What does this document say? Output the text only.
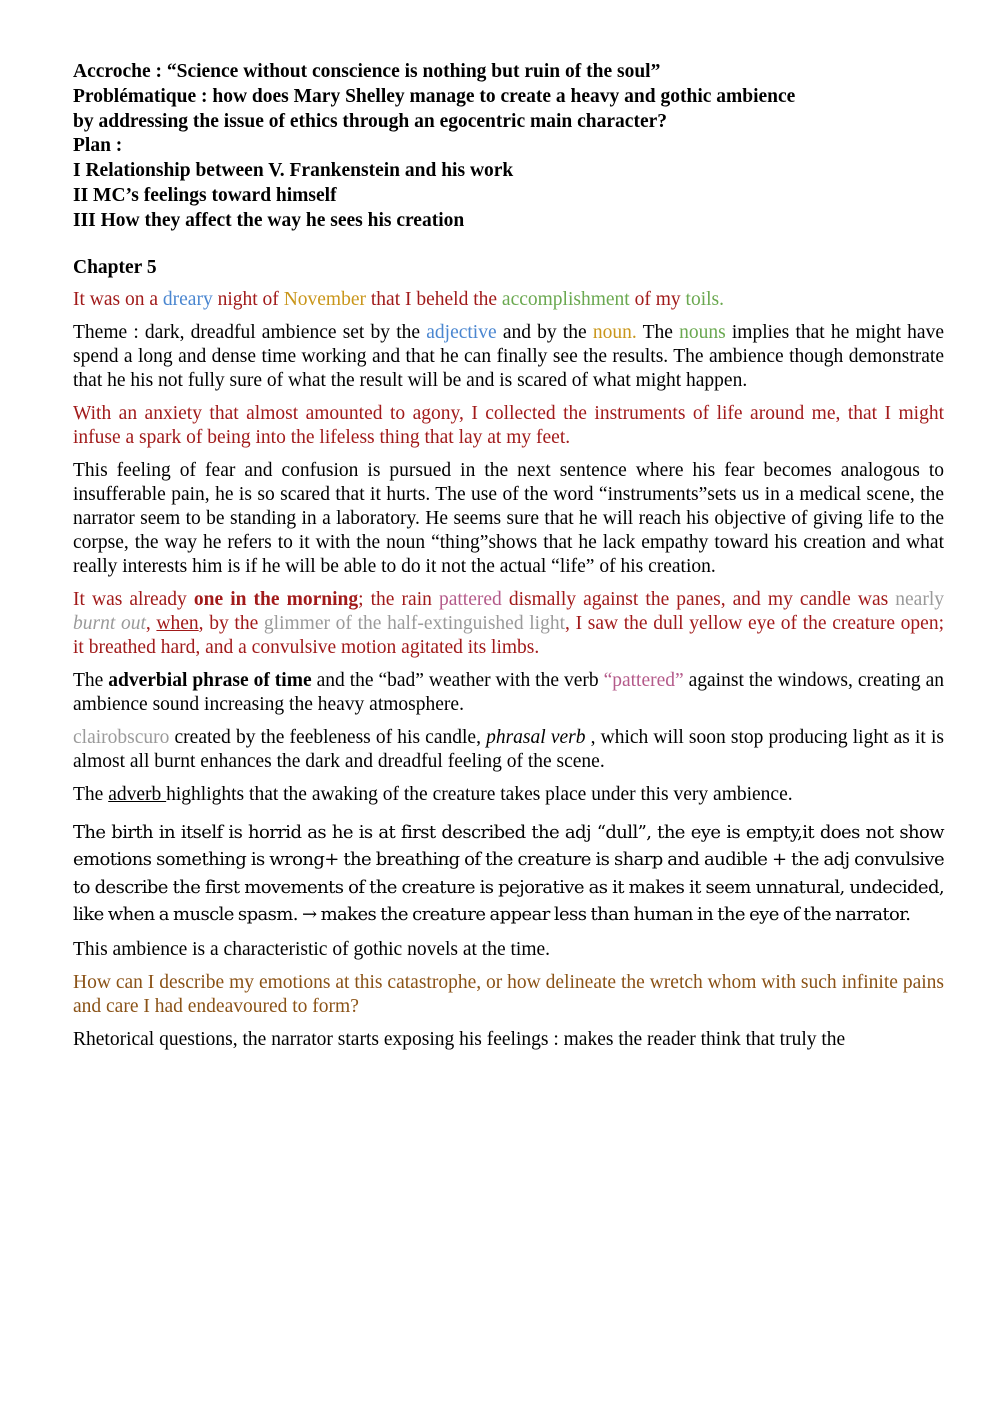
Accroche : “Science without conscience is nothing but ruin of the soul”

Problématique : how does Mary Shelley manage to create a heavy and gothic ambience

by addressing the issue of ethics through an egocentric main character?

Plan :

I Relationship between V. Frankenstein and his work

II MC’s feelings toward himself

III How they affect the way he sees his creation

Chapter 5

It was on a dreary night of November that I beheld the accomplishment of my toils.

Theme : dark, dreadful ambience set by the adjective and by the noun. The nouns implies that he might have spend a long and dense time working and that he can finally see the results. The ambience though demonstrate that he his not fully sure of what the result will be and is scared of what might happen.

With an anxiety that almost amounted to agony, I collected the instruments of life around me, that I might infuse a spark of being into the lifeless thing that lay at my feet.

This feeling of fear and confusion is pursued in the next sentence where his fear becomes analogous to insufferable pain, he is so scared that it hurts. The use of the word “instruments”sets us in a medical scene, the narrator seem to be standing in a laboratory. He seems sure that he will reach his objective of giving life to the corpse, the way he refers to it with the noun “thing”shows that he lack empathy toward his creation and what really interests him is if he will be able to do it not the actual “life” of his creation.

It was already one in the morning; the rain pattered dismally against the panes, and my candle was nearly burnt out, when, by the glimmer of the half-extinguished light, I saw the dull yellow eye of the creature open; it breathed hard, and a convulsive motion agitated its limbs.

The adverbial phrase of time and the “bad” weather with the verb “pattered” against the windows, creating an ambience sound increasing the heavy atmosphere.

clairobscuro created by the feebleness of his candle, phrasal verb , which will soon stop producing light as it is almost all burnt enhances the dark and dreadful feeling of the scene.

The adverb highlights that the awaking of the creature takes place under this very ambience.

The birth in itself is horrid as he is at first described the adj “dull”, the eye is empty,it does not show emotions something is wrong+ the breathing of the creature is sharp and audible + the adj convulsive to describe the first movements of the creature is pejorative as it makes it seem unnatural, undecided, like when a muscle spasm. → makes the creature appear less than human in the eye of the narrator.

This ambience is a characteristic of gothic novels at the time.

How can I describe my emotions at this catastrophe, or how delineate the wretch whom with such infinite pains and care I had endeavoured to form?

Rhetorical questions, the narrator starts exposing his feelings : makes the reader think that truly the
